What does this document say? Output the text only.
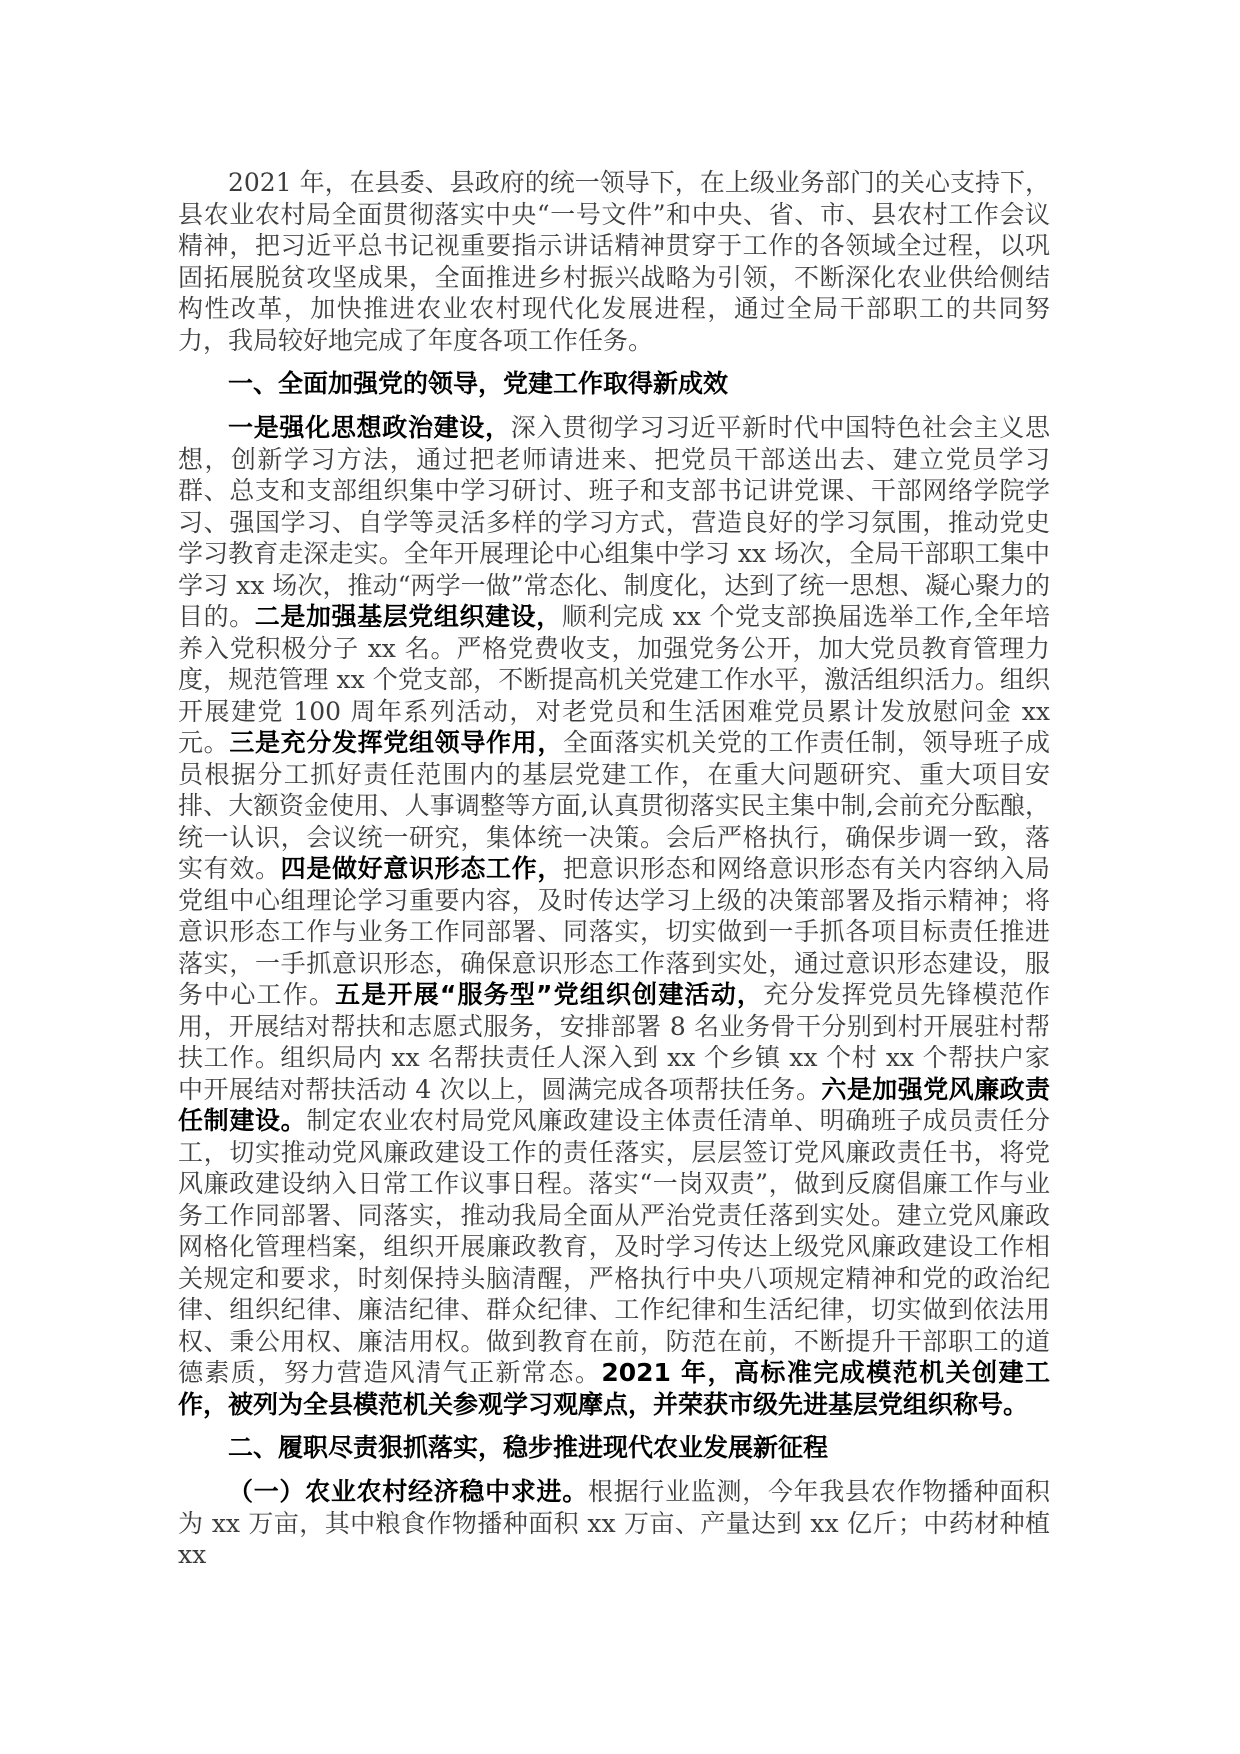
2021 年，在县委、县政府的统一领导下，在上级业务部门的关心支持下，县农业农村局全面贯彻落实中央“一号文件”和中央、省、市、县农村工作会议精神，把习近平总书记视重要指示讲话精神贯穿于工作的各领域全过程，以巩固拓展脱贫攻坚成果，全面推进乡村振兴战略为引领，不断深化农业供给侧结构性改革，加快推进农业农村现代化发展进程，通过全局干部职工的共同努力，我局较好地完成了年度各项工作任务。

一、全面加强党的领导，党建工作取得新成效

一是强化思想政治建设，深入贯彻学习习近平新时代中国特色社会主义思想，创新学习方法，通过把老师请进来、把党员干部送出去、建立党员学习群、总支和支部组织集中学习研讨、班子和支部书记讲党课、干部网络学院学习、强国学习、自学等灵活多样的学习方式，营造良好的学习氛围，推动党史学习教育走深走实。全年开展理论中心组集中学习 xx 场次，全局干部职工集中学习 xx 场次，推动“两学一做”常态化、制度化，达到了统一思想、凝心聚力的目的。二是加强基层党组织建设，顺利完成 xx 个党支部换届选举工作,全年培养入党积极分子 xx 名。严格党费收支，加强党务公开，加大党员教育管理力度，规范管理 xx 个党支部，不断提高机关党建工作水平，激活组织活力。组织开展建党 100 周年系列活动，对老党员和生活困难党员累计发放慰问金 xx 元。三是充分发挥党组领导作用，全面落实机关党的工作责任制，领导班子成员根据分工抓好责任范围内的基层党建工作，在重大问题研究、重大项目安排、大额资金使用、人事调整等方面,认真贯彻落实民主集中制,会前充分酝酿，统一认识，会议统一研究，集体统一决策。会后严格执行，确保步调一致，落实有效。四是做好意识形态工作，把意识形态和网络意识形态有关内容纳入局党组中心组理论学习重要内容，及时传达学习上级的决策部署及指示精神；将意识形态工作与业务工作同部署、同落实，切实做到一手抓各项目标责任推进落实，一手抓意识形态，确保意识形态工作落到实处，通过意识形态建设，服务中心工作。五是开展“服务型”党组织创建活动，充分发挥党员先锋模范作用，开展结对帮扶和志愿式服务，安排部署 8 名业务骨干分别到村开展驻村帮扶工作。组织局内 xx 名帮扶责任人深入到 xx 个乡镇 xx 个村 xx 个帮扶户家中开展结对帮扶活动 4 次以上，圆满完成各项帮扶任务。六是加强党风廉政责任制建设。制定农业农村局党风廉政建设主体责任清单、明确班子成员责任分工，切实推动党风廉政建设工作的责任落实，层层签订党风廉政责任书，将党风廉政建设纳入日常工作议事日程。落实“一岗双责”，做到反腐倡廉工作与业务工作同部署、同落实，推动我局全面从严治党责任落到实处。建立党风廉政网格化管理档案，组织开展廉政教育，及时学习传达上级党风廉政建设工作相关规定和要求，时刻保持头脑清醒，严格执行中央八项规定精神和党的政治纪律、组织纪律、廉洁纪律、群众纪律、工作纪律和生活纪律，切实做到依法用权、秉公用权、廉洁用权。做到教育在前，防范在前，不断提升干部职工的道德素质，努力营造风清气正新常态。2021 年，高标准完成模范机关创建工作，被列为全县模范机关参观学习观摩点，并荣获市级先进基层党组织称号。

二、履职尽责狠抓落实，稳步推进现代农业发展新征程

（一）农业农村经济稳中求进。根据行业监测，今年我县农作物播种面积为 xx 万亩，其中粮食作物播种面积 xx 万亩、产量达到 xx 亿斤；中药材种植 xx
